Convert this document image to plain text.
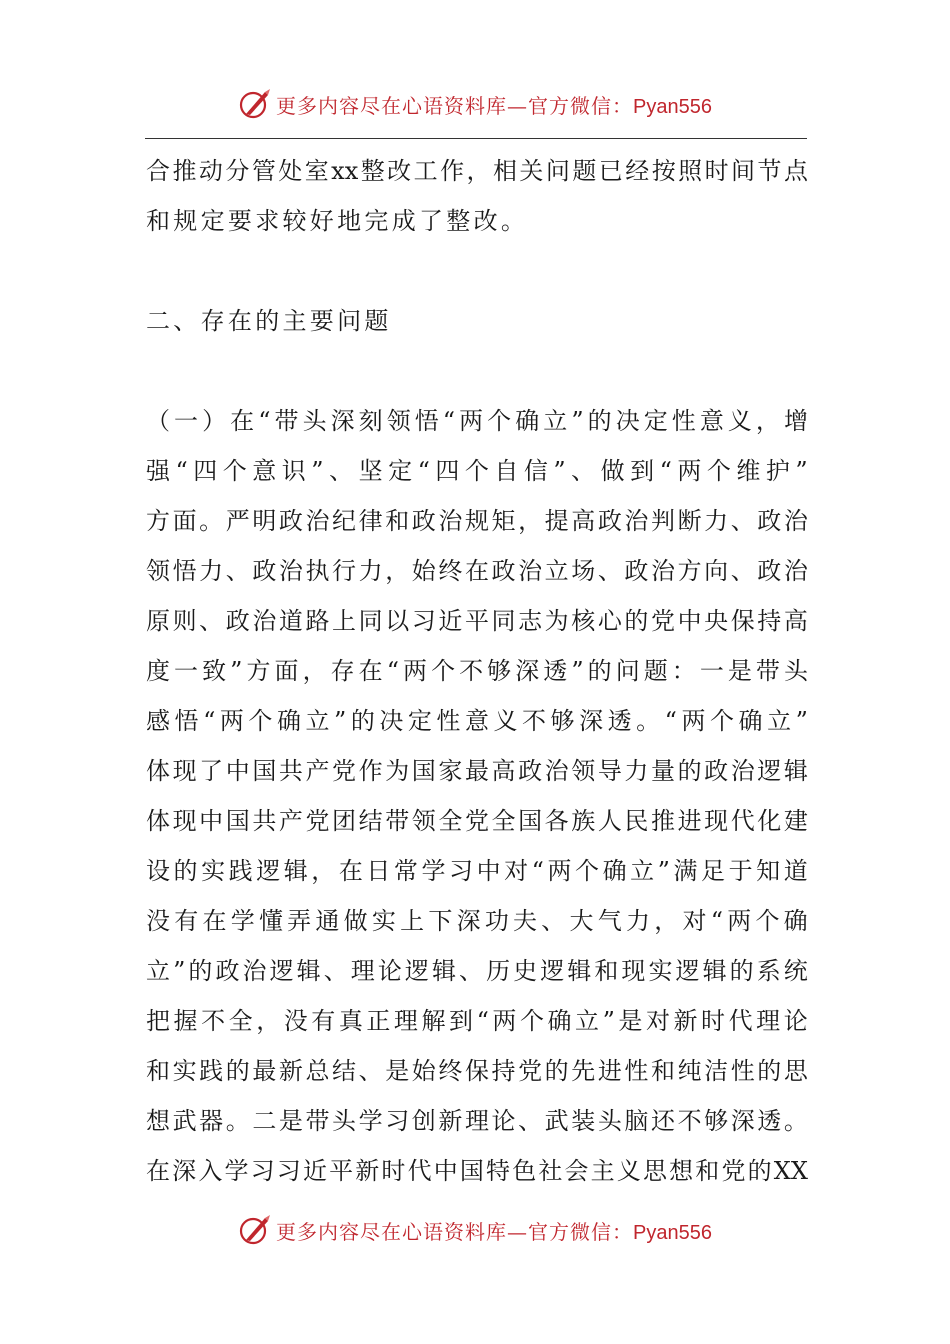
更多内容尽在心语资料库—官方微信：Pyan556
合 推 动 分 管 处 室 xx 整 改 工 作 ， 相 关 问 题 已 经 按 照 时 间 节 点
和规定要求较好地完成了整改。
（ 一 ） 在 “ 带 头 深 刻 领 悟 “ 两 个 确 立 ” 的 决 定 性 意 义 ， 增
强 “ 四 个 意 识 ” 、 坚 定 “ 四 个 自 信 ” 、 做 到 “ 两 个 维 护 ”
方 面 。 严 明 政 治 纪 律 和 政 治 规 矩 ， 提 高 政 治 判 断 力 、 政 治
领 悟 力 、 政 治 执 行 力 ， 始 终 在 政 治 立 场 、 政 治 方 向 、 政 治
原 则 、 政 治 道 路 上 同 以 习 近 平 同 志 为 核 心 的 党 中 央 保 持 高
度 一 致 ” 方 面 ， 存 在 “ 两 个 不 够 深 透 ” 的 问 题 ： 一 是 带 头
感 悟 “ 两 个 确 立 ” 的 决 定 性 意 义 不 够 深 透 。 “ 两 个 确 立 ”
体 现 了 中 国 共 产 党 作 为 国 家 最 高 政 治 领 导 力 量 的 政 治 逻 辑
体 现 中 国 共 产 党 团 结 带 领 全 党 全 国 各 族 人 民 推 进 现 代 化 建
设 的 实 践 逻 辑 ， 在 日 常 学 习 中 对 “ 两 个 确 立 ” 满 足 于 知 道
没 有 在 学 懂 弄 通 做 实 上 下 深 功 夫 、 大 气 力 ， 对 “ 两 个 确
立 ” 的 政 治 逻 辑 、 理 论 逻 辑 、 历 史 逻 辑 和 现 实 逻 辑 的 系 统
把 握 不 全 ， 没 有 真 正 理 解 到 “ 两 个 确 立 ” 是 对 新 时 代 理 论
和 实 践 的 最 新 总 结 、 是 始 终 保 持 党 的 先 进 性 和 纯 洁 性 的 思
想 武 器 。 二 是 带 头 学 习 创 新 理 论 、 武 装 头 脑 还 不 够 深 透 。
在 深 入 学 习 习 近 平 新 时 代 中 国 特 色 社 会 主 义 思 想 和 党 的 XX
二、存在的主要问题
更多内容尽在心语资料库—官方微信：Pyan556
